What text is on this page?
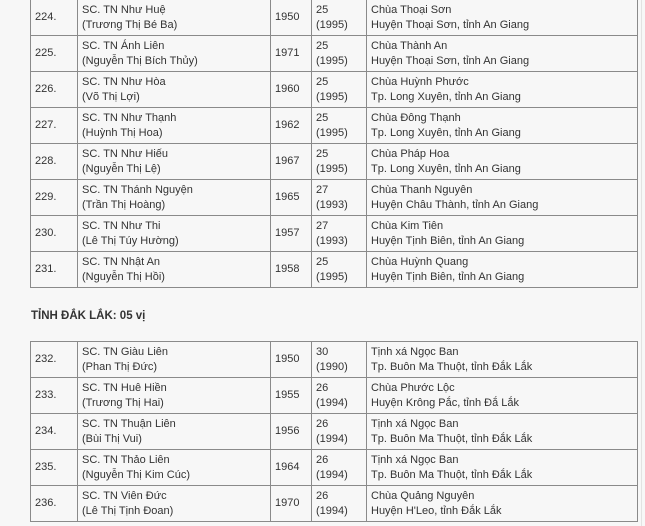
224.	SC. TN Như Huệ
(Trương Thị Bé Ba)	1950	25
(1995)	Chùa Thoại Sơn
Huyện Thoại Sơn, tỉnh An Giang

225.	SC. TN Ánh Liên
(Nguyễn Thị Bích Thủy)	1971	25
(1995)	Chùa Thành An
Huyện Thoại Sơn, tỉnh An Giang

226.	SC. TN Như Hòa
(Võ Thị Lợi)	1960	25
(1995)	Chùa Huỳnh Phước
Tp. Long Xuyên, tỉnh An Giang

227.	SC. TN Như Thạnh
(Huỳnh Thị Hoa)	1962	25
(1995)	Chùa Đông Thạnh
Tp. Long Xuyên, tỉnh An Giang

228.	SC. TN Như Hiếu
(Nguyễn Thị Lệ)	1967	25
(1995)	Chùa Pháp Hoa
Tp. Long Xuyên, tỉnh An Giang

229.	SC. TN Thánh Nguyện
(Trần Thị Hoàng)	1965	27
(1993)	Chùa Thanh Nguyên
Huyện Châu Thành, tỉnh An Giang

230.	SC. TN Như Thi
(Lê Thị Túy Hường)	1957	27
(1993)	Chùa Kim Tiên
Huyện Tịnh Biên, tỉnh An Giang

231.	SC. TN Nhật An
(Nguyễn Thị Hồi)	1958	25
(1995)	Chùa Huỳnh Quang
Huyện Tịnh Biên, tỉnh An Giang
TỈNH ĐẮK LẮK: 05 vị
232.	SC. TN Giàu Liên
(Phan Thị Đức)	1950	30
(1990)	Tịnh xá Ngọc Ban
Tp. Buôn Ma Thuột, tỉnh Đắk Lắk

233.	SC. TN Huê Hiền
(Trương Thị Hai)	1955	26
(1994)	Chùa Phước Lộc
Huyện Krông Pắc, tỉnh Đắ Lắk

234.	SC. TN Thuận Liên
(Bùi Thị Vui)	1956	26
(1994)	Tịnh xá Ngọc Ban
Tp. Buôn Ma Thuột, tỉnh Đắk Lắk

235.	SC. TN Thảo Liên
(Nguyễn Thị Kim Cúc)	1964	26
(1994)	Tịnh xá Ngọc Ban
Tp. Buôn Ma Thuột, tỉnh Đắk Lắk

236.	SC. TN Viên Đức
(Lê Thị Tịnh Đoan)	1970	26
(1994)	Chùa Quảng Nguyên
Huyện H'Leo, tỉnh Đắk Lắk
